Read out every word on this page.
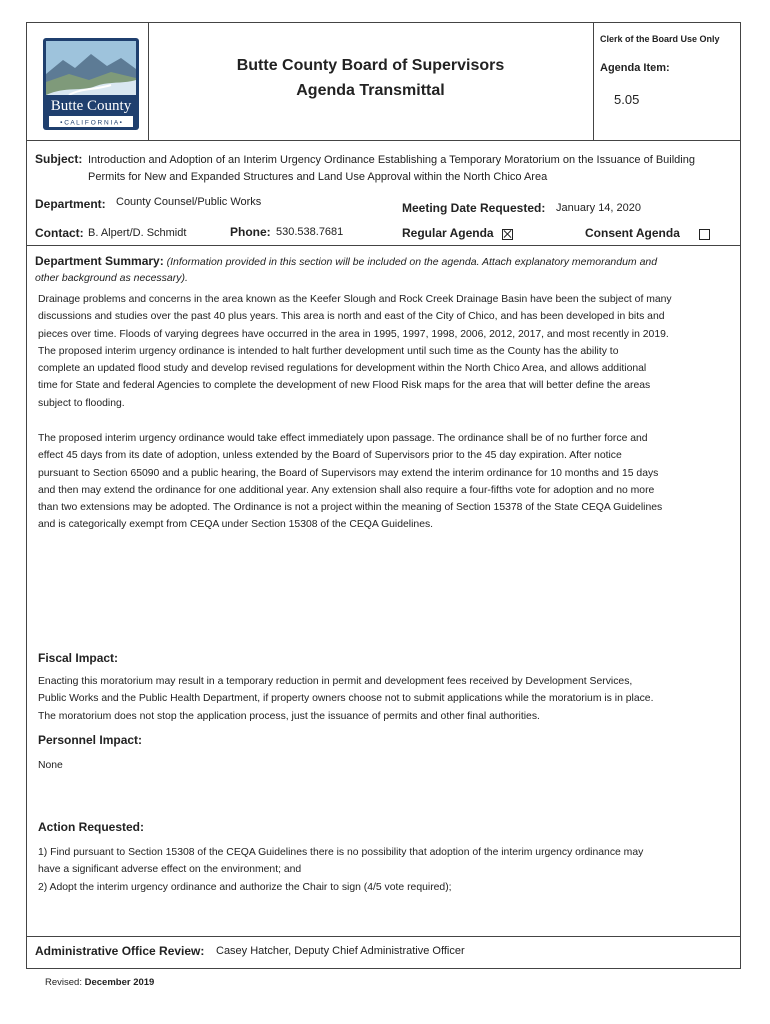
Butte County
• C A L I F O R N I A •
Butte County Board of Supervisors
Agenda Transmittal
Clerk of the Board Use Only
Agenda Item:
5.05
Subject: Introduction and Adoption of an Interim Urgency Ordinance Establishing a Temporary Moratorium on the Issuance of Building
Permits for New and Expanded Structures and Land Use Approval within the North Chico Area
Department: County Counsel/Public Works	Meeting Date Requested: January 14, 2020
Contact: B. Alpert/D. Schmidt	Phone: 530.538.7681	Regular Agenda
	Consent Agenda
Department Summary: (Information provided in this section will be included on the agenda. Attach explanatory memorandum and
other background as necessary).
Drainage problems and concerns in the area known as the Keefer Slough and Rock Creek Drainage Basin have been the subject of many
discussions and studies over the past 40 plus years. This area is north and east of the City of Chico, and has been developed in bits and
pieces over time. Floods of varying degrees have occurred in the area in 1995, 1997, 1998, 2006, 2012, 2017, and most recently in 2019.
The proposed interim urgency ordinance is intended to halt further development until such time as the County has the ability to
complete an updated flood study and develop revised regulations for development within the North Chico Area, and allows additional
time for State and federal Agencies to complete the development of new Flood Risk maps for the area that will better define the areas
subject to flooding.
The proposed interim urgency ordinance would take effect immediately upon passage. The ordinance shall be of no further force and
effect 45 days from its date of adoption, unless extended by the Board of Supervisors prior to the 45 day expiration. After notice
pursuant to Section 65090 and a public hearing, the Board of Supervisors may extend the interim ordinance for 10 months and 15 days
and then may extend the ordinance for one additional year. Any extension shall also require a four-fifths vote for adoption and no more
than two extensions may be adopted. The Ordinance is not a project within the meaning of Section 15378 of the State CEQA Guidelines
and is categorically exempt from CEQA under Section 15308 of the CEQA Guidelines.
Fiscal Impact:
Enacting this moratorium may result in a temporary reduction in permit and development fees received by Development Services,
Public Works and the Public Health Department, if property owners choose not to submit applications while the moratorium is in place.
The moratorium does not stop the application process, just the issuance of permits and other final authorities.
Personnel Impact:
None
Action Requested:
1) Find pursuant to Section 15308 of the CEQA Guidelines there is no possibility that adoption of the interim urgency ordinance may
have a significant adverse effect on the environment; and
2) Adopt the interim urgency ordinance and authorize the Chair to sign (4/5 vote required);
Administrative Office Review: Casey Hatcher, Deputy Chief Administrative Officer
Revised: December 2019
